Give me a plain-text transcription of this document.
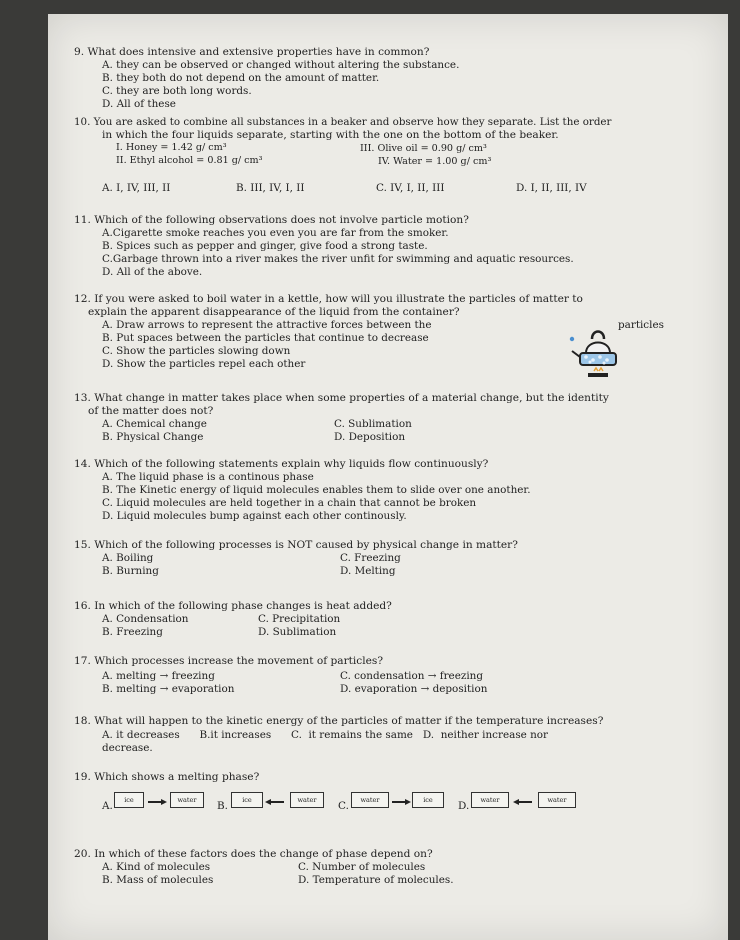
9. What does intensive and extensive properties have in common?
A. they can be observed or changed without altering the substance.
B. they both do not depend on the amount of matter.
C. they are both long words.
D. All of these
10. You are asked to combine all substances in a beaker and observe how they separate. List the order
in which the four liquids separate, starting with the one on the bottom of the beaker.
I. Honey = 1.42 g/ cm³
II. Ethyl alcohol = 0.81 g/ cm³
III. Olive oil = 0.90 g/ cm³
IV. Water = 1.00 g/ cm³
A. I, IV, III, II	B. III, IV, I, II	C. IV, I, II, III	D. I, II, III, IV
11. Which of the following observations does not involve particle motion?
A.Cigarette smoke reaches you even you are far from the smoker.
B. Spices such as pepper and ginger, give food a strong taste.
C.Garbage thrown into a river makes the river unfit for swimming and aquatic resources.
D. All of the above.
12. If you were asked to boil water in a kettle, how will you illustrate the particles of matter to
explain the apparent disappearance of the liquid from the container?
A. Draw arrows to represent the attractive forces between the	particles
B. Put spaces between the particles that continue to decrease
C. Show the particles slowing down
D. Show the particles repel each other
13. What change in matter takes place when some properties of a material change, but the identity
of the matter does not?
A. Chemical change
B. Physical Change
C. Sublimation
D. Deposition
14. Which of the following statements explain why liquids flow continuously?
A. The liquid phase is a continous phase
B. The Kinetic energy of liquid molecules enables them to slide over one another.
C. Liquid molecules are held together in a chain that cannot be broken
D. Liquid molecules bump against each other continously.
15. Which of the following processes is NOT caused by physical change in matter?
A. Boiling
B. Burning
C. Freezing
D. Melting
16. In which of the following phase changes is heat added?
A. Condensation
B. Freezing
C. Precipitation
D. Sublimation
17. Which processes increase the movement of particles?
A. melting → freezing
B. melting → evaporation
C. condensation → freezing
D. evaporation → deposition
18. What will happen to the kinetic energy of the particles of matter if the temperature increases?
A. it decreases      B.it increases      C.  it remains the same   D.  neither increase nor
decrease.
19. Which shows a melting phase?
A.	ice	water	B.	ice	water	C.	water	ice	D.	water	water
20. In which of these factors does the change of phase depend on?
A. Kind of molecules
B. Mass of molecules
C. Number of molecules
D. Temperature of molecules.
